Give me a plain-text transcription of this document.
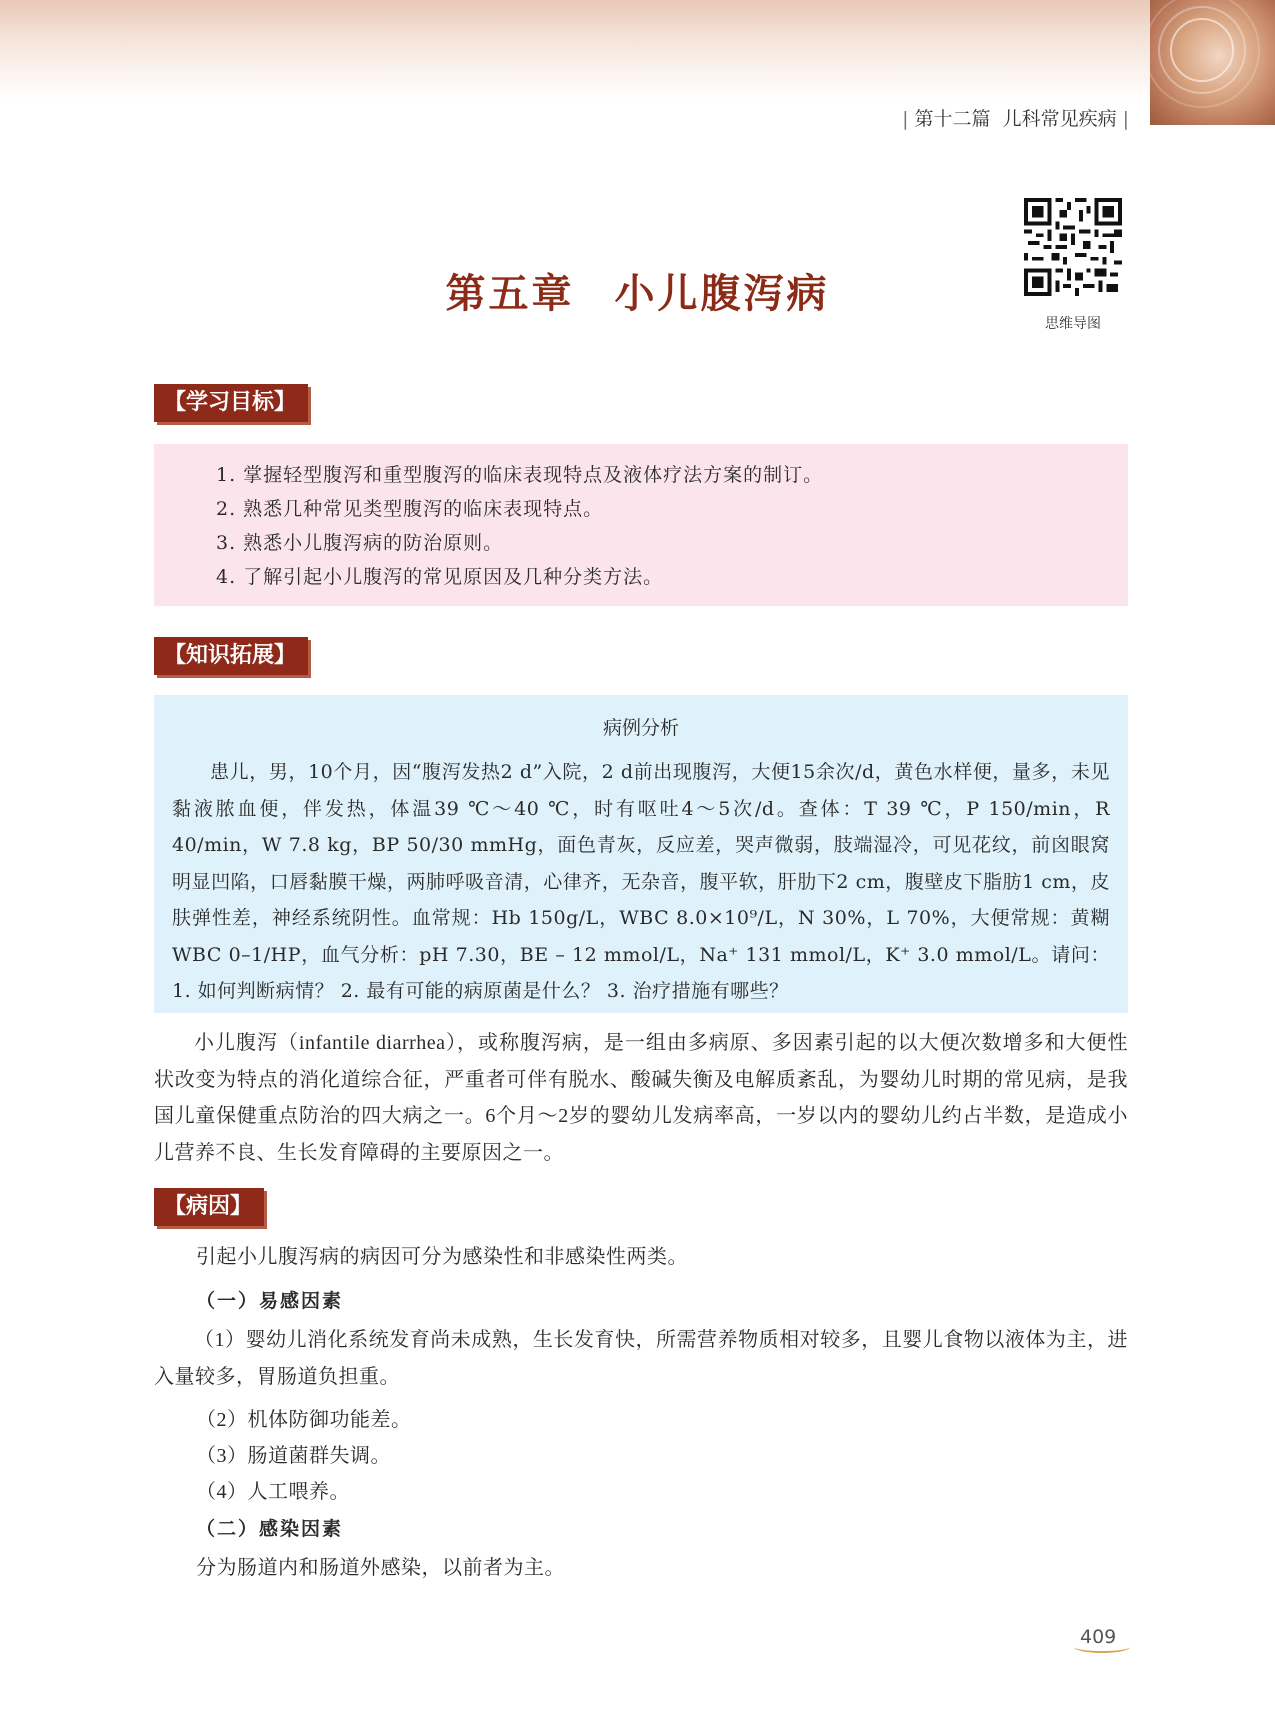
| 第十二篇 儿科常见疾病 |
第五章 小儿腹泻病
思维导图
【学习目标】
1. 掌握轻型腹泻和重型腹泻的临床表现特点及液体疗法方案的制订。
2. 熟悉几种常见类型腹泻的临床表现特点。
3. 熟悉小儿腹泻病的防治原则。
4. 了解引起小儿腹泻的常见原因及几种分类方法。
【知识拓展】
病例分析
患儿，男，10个月，因“腹泻发热2 d”入院，2 d前出现腹泻，大便15余次/d，黄色水样便，量多，未见黏液脓血便，伴发热，体温39 ℃～40 ℃，时有呕吐4～5次/d。查体：T 39 ℃，P 150/min，R 40/min，W 7.8 kg，BP 50/30 mmHg，面色青灰，反应差，哭声微弱，肢端湿冷，可见花纹，前囟眼窝明显凹陷，口唇黏膜干燥，两肺呼吸音清，心律齐，无杂音，腹平软，肝肋下2 cm，腹壁皮下脂肪1 cm，皮肤弹性差，神经系统阴性。血常规：Hb 150g/L，WBC 8.0×10⁹/L，N 30%，L 70%，大便常规：黄糊WBC 0–1/HP，血气分析：pH 7.30，BE – 12 mmol/L，Na⁺ 131 mmol/L，K⁺ 3.0 mmol/L。请问：1. 如何判断病情？ 2. 最有可能的病原菌是什么？ 3. 治疗措施有哪些？
小儿腹泻（infantile diarrhea），或称腹泻病，是一组由多病原、多因素引起的以大便次数增多和大便性状改变为特点的消化道综合征，严重者可伴有脱水、酸碱失衡及电解质紊乱，为婴幼儿时期的常见病，是我国儿童保健重点防治的四大病之一。6个月～2岁的婴幼儿发病率高，一岁以内的婴幼儿约占半数，是造成小儿营养不良、生长发育障碍的主要原因之一。
【病因】
引起小儿腹泻病的病因可分为感染性和非感染性两类。
（一）易感因素
（1）婴幼儿消化系统发育尚未成熟，生长发育快，所需营养物质相对较多，且婴儿食物以液体为主，进入量较多，胃肠道负担重。
（2）机体防御功能差。
（3）肠道菌群失调。
（4）人工喂养。
（二）感染因素
分为肠道内和肠道外感染，以前者为主。
409
